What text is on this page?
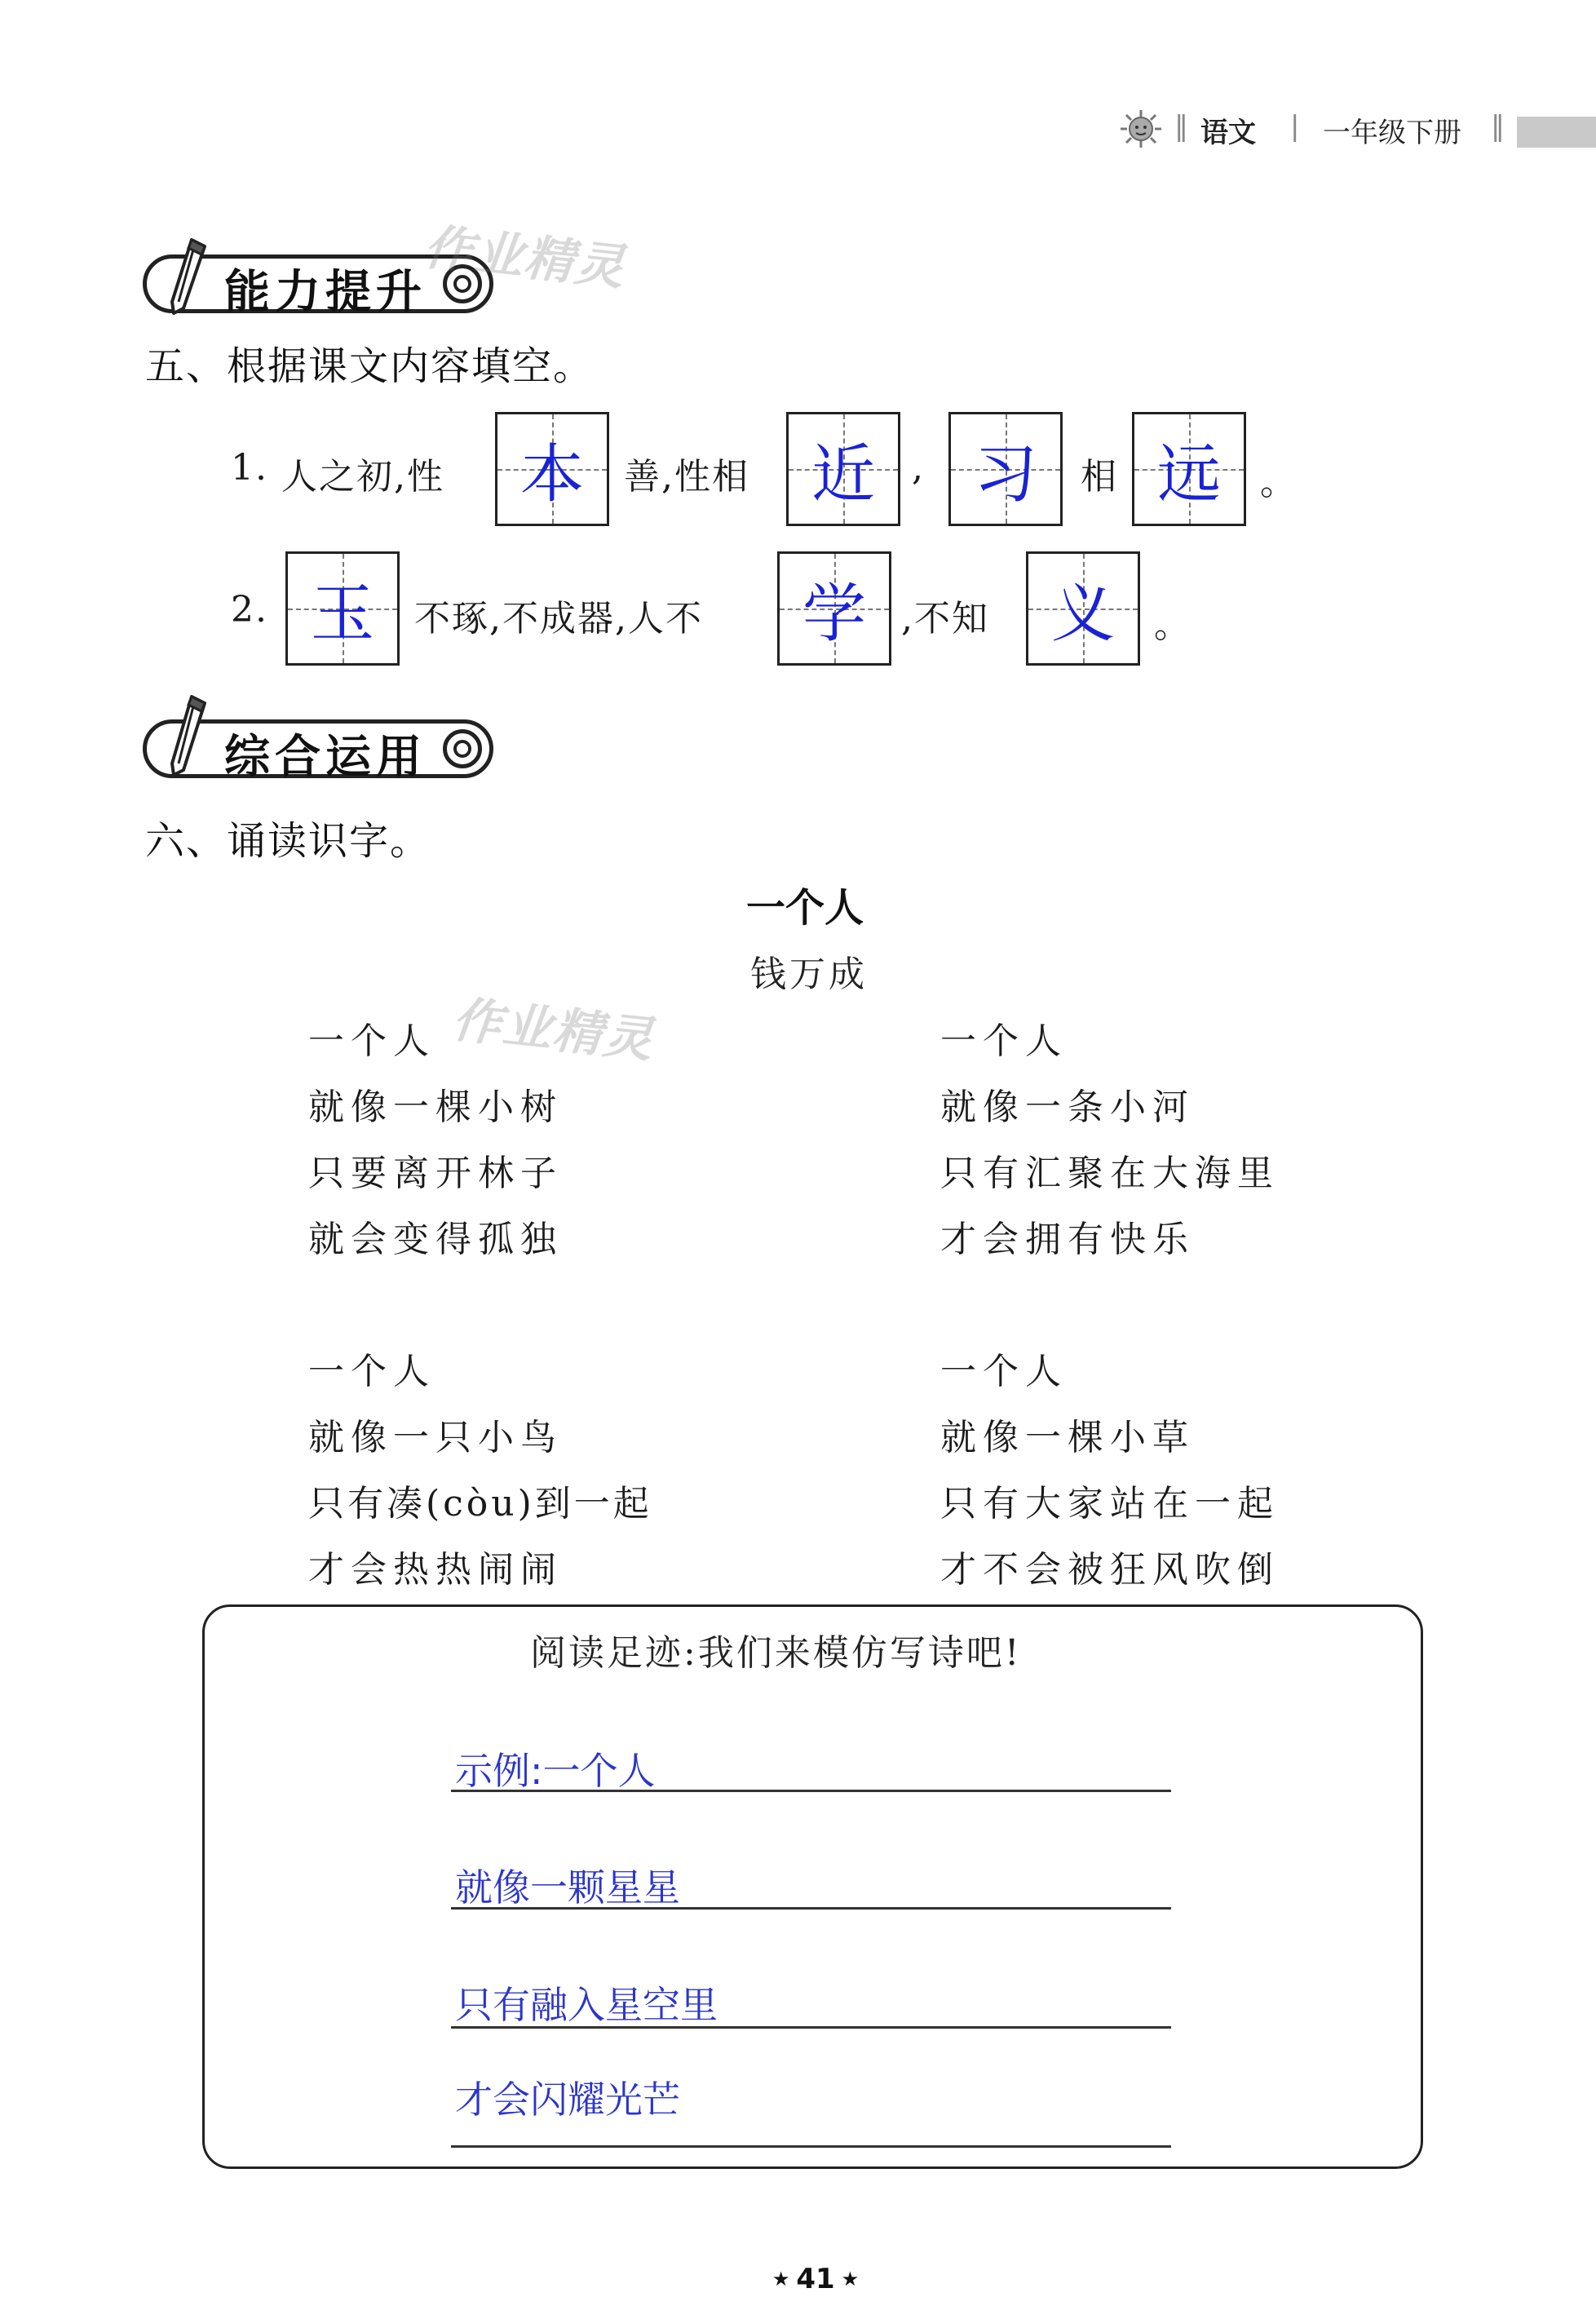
|| 语文 | 一年级下册 ||
能力提升
作业精灵
五、根据课文内容填空。
1. 人之初,性 本 善,性相 近 , 习 相 远 。
2. 玉 不琢,不成器,人不 学 ,不知 义 。
综合运用
六、诵读识字。
一个人
钱万成
作业精灵
一个人
就像一棵小树
只要离开林子
就会变得孤独
一个人
就像一条小河
只有汇聚在大海里
才会拥有快乐
一个人
就像一只小鸟
只有凑(còu)到一起
才会热热闹闹
一个人
就像一棵小草
只有大家站在一起
才不会被狂风吹倒
阅读足迹:我们来模仿写诗吧!
示例:一个人
就像一颗星星
只有融入星空里
才会闪耀光芒
★ 41 ★
